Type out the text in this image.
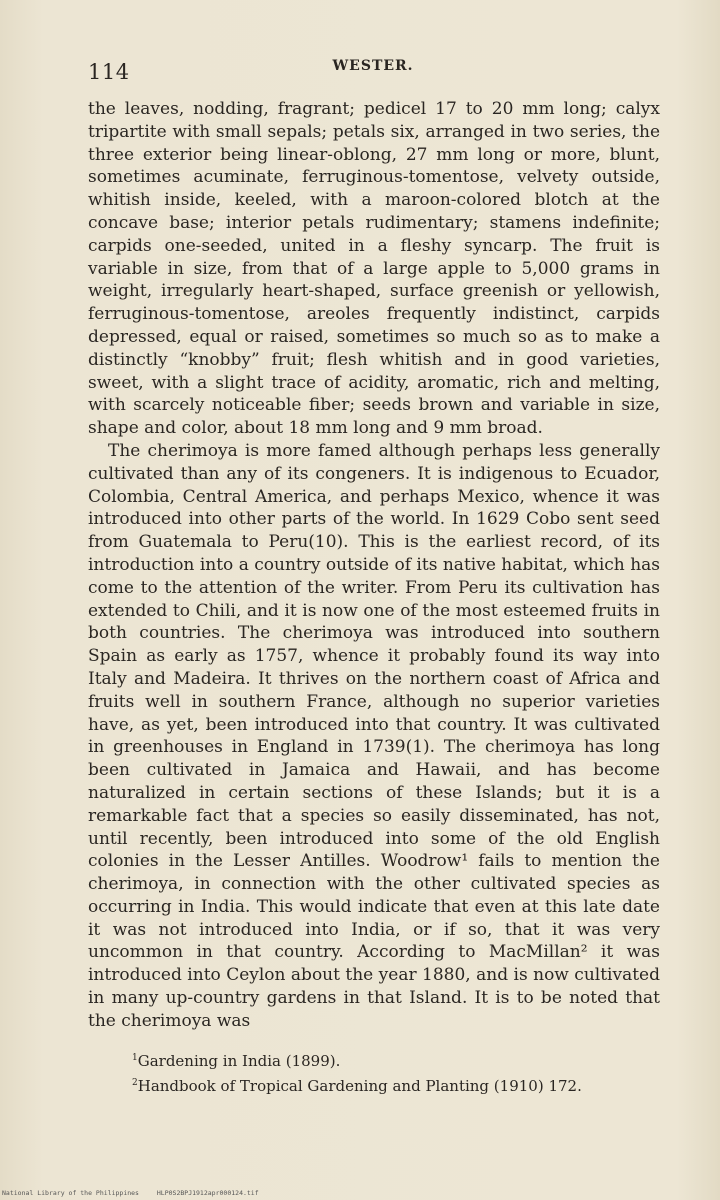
114	WESTER.

the leaves, nodding, fragrant; pedicel 17 to 20 mm long; calyx tripartite with small sepals; petals six, arranged in two series, the three exterior being linear-oblong, 27 mm long or more, blunt, sometimes acuminate, ferruginous-tomentose, velvety outside, whitish inside, keeled, with a maroon-colored blotch at the concave base; interior petals rudimentary; stamens indefinite; carpids one-seeded, united in a fleshy syncarp. The fruit is variable in size, from that of a large apple to 5,000 grams in weight, irregularly heart-shaped, surface greenish or yellowish, ferruginous-tomentose, areoles frequently indistinct, carpids depressed, equal or raised, sometimes so much so as to make a distinctly “knobby” fruit; flesh whitish and in good varieties, sweet, with a slight trace of acidity, aromatic, rich and melting, with scarcely noticeable fiber; seeds brown and variable in size, shape and color, about 18 mm long and 9 mm broad.

The cherimoya is more famed although perhaps less generally cultivated than any of its congeners. It is indigenous to Ecuador, Colombia, Central America, and perhaps Mexico, whence it was introduced into other parts of the world. In 1629 Cobo sent seed from Guatemala to Peru(10). This is the earliest record, of its introduction into a country outside of its native habitat, which has come to the attention of the writer. From Peru its cultivation has extended to Chili, and it is now one of the most esteemed fruits in both countries. The cherimoya was introduced into southern Spain as early as 1757, whence it probably found its way into Italy and Madeira. It thrives on the northern coast of Africa and fruits well in southern France, although no superior varieties have, as yet, been introduced into that country. It was cultivated in greenhouses in England in 1739(1). The cherimoya has long been cultivated in Jamaica and Hawaii, and has become naturalized in certain sections of these Islands; but it is a remarkable fact that a species so easily disseminated, has not, until recently, been introduced into some of the old English colonies in the Lesser Antilles. Woodrow¹ fails to mention the cherimoya, in connection with the other cultivated species as occurring in India. This would indicate that even at this late date it was not introduced into India, or if so, that it was very uncommon in that country. According to MacMillan² it was introduced into Ceylon about the year 1880, and is now cultivated in many up-country gardens in that Island. It is to be noted that the cherimoya was

$^1$Gardening in India (1899).
$^2$Handbook of Tropical Gardening and Planting (1910) 172.
National Library of the Philippines	HLP0S2BPJ1912apr000124.tif
